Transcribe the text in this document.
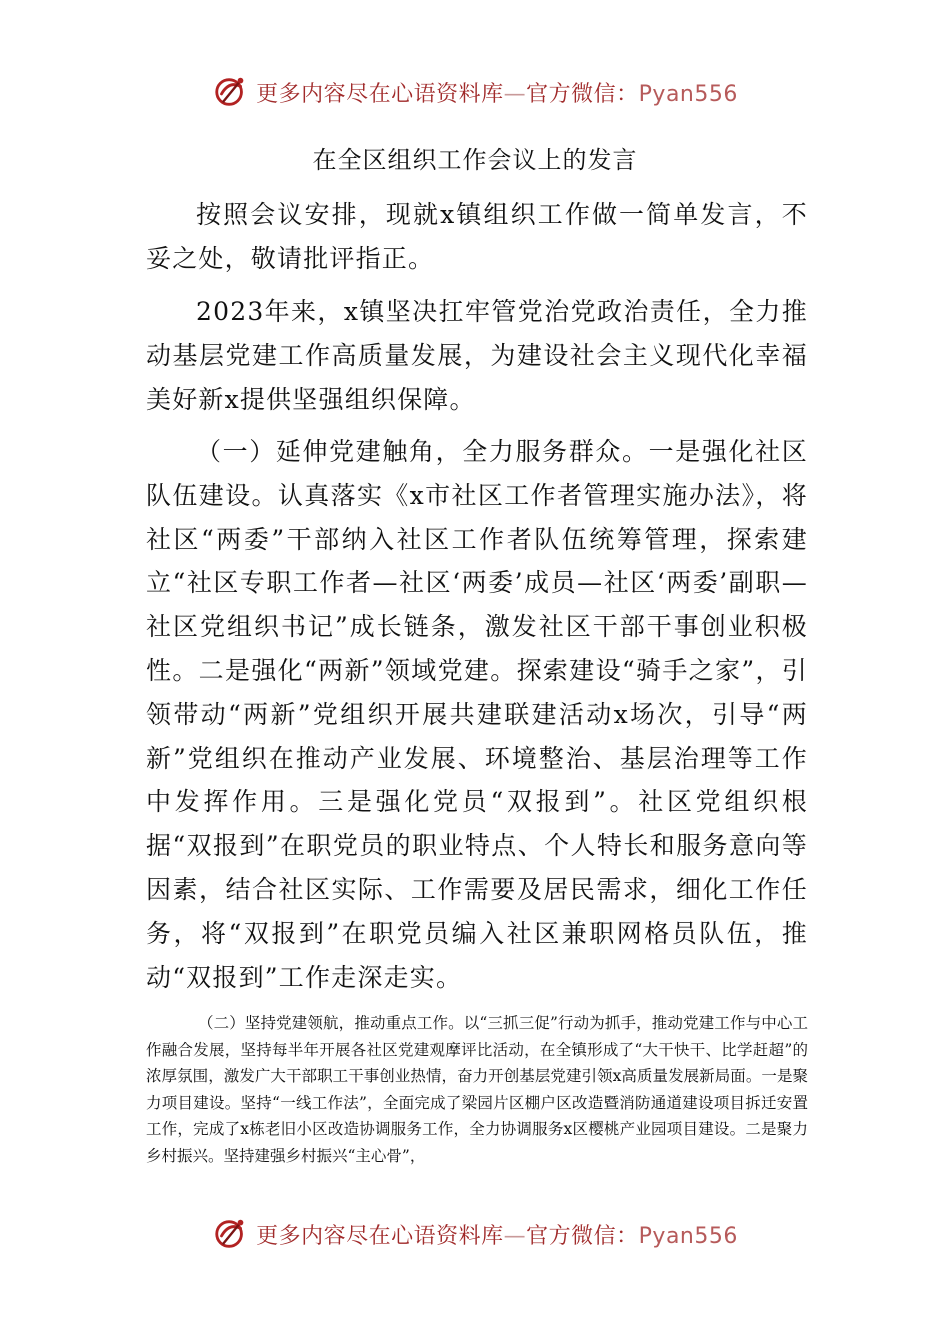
更多内容尽在心语资料库—官方微信：Pyan556
在全区组织工作会议上的发言

按照会议安排，现就x镇组织工作做一简单发言，不妥之处，敬请批评指正。

2023年来，x镇坚决扛牢管党治党政治责任，全力推动基层党建工作高质量发展，为建设社会主义现代化幸福美好新x提供坚强组织保障。

（一）延伸党建触角，全力服务群众。一是强化社区队伍建设。认真落实《x市社区工作者管理实施办法》，将社区“两委”干部纳入社区工作者队伍统筹管理，探索建立“社区专职工作者—社区‘两委’成员—社区‘两委’副职—社区党组织书记”成长链条，激发社区干部干事创业积极性。二是强化“两新”领域党建。探索建设“骑手之家”，引领带动“两新”党组织开展共建联建活动x场次，引导“两新”党组织在推动产业发展、环境整治、基层治理等工作中发挥作用。三是强化党员“双报到”。社区党组织根据“双报到”在职党员的职业特点、个人特长和服务意向等因素，结合社区实际、工作需要及居民需求，细化工作任务，将“双报到”在职党员编入社区兼职网格员队伍，推动“双报到”工作走深走实。

（二）坚持党建领航，推动重点工作。以“三抓三促”行动为抓手，推动党建工作与中心工作融合发展，坚持每半年开展各社区党建观摩评比活动，在全镇形成了“大干快干、比学赶超”的浓厚氛围，激发广大干部职工干事创业热情，奋力开创基层党建引领x高质量发展新局面。一是聚力项目建设。坚持“一线工作法”，全面完成了梁园片区棚户区改造暨消防通道建设项目拆迁安置工作，完成了x栋老旧小区改造协调服务工作，全力协调服务x区樱桃产业园项目建设。二是聚力乡村振兴。坚持建强乡村振兴“主心骨”，

更多内容尽在心语资料库—官方微信：Pyan556
